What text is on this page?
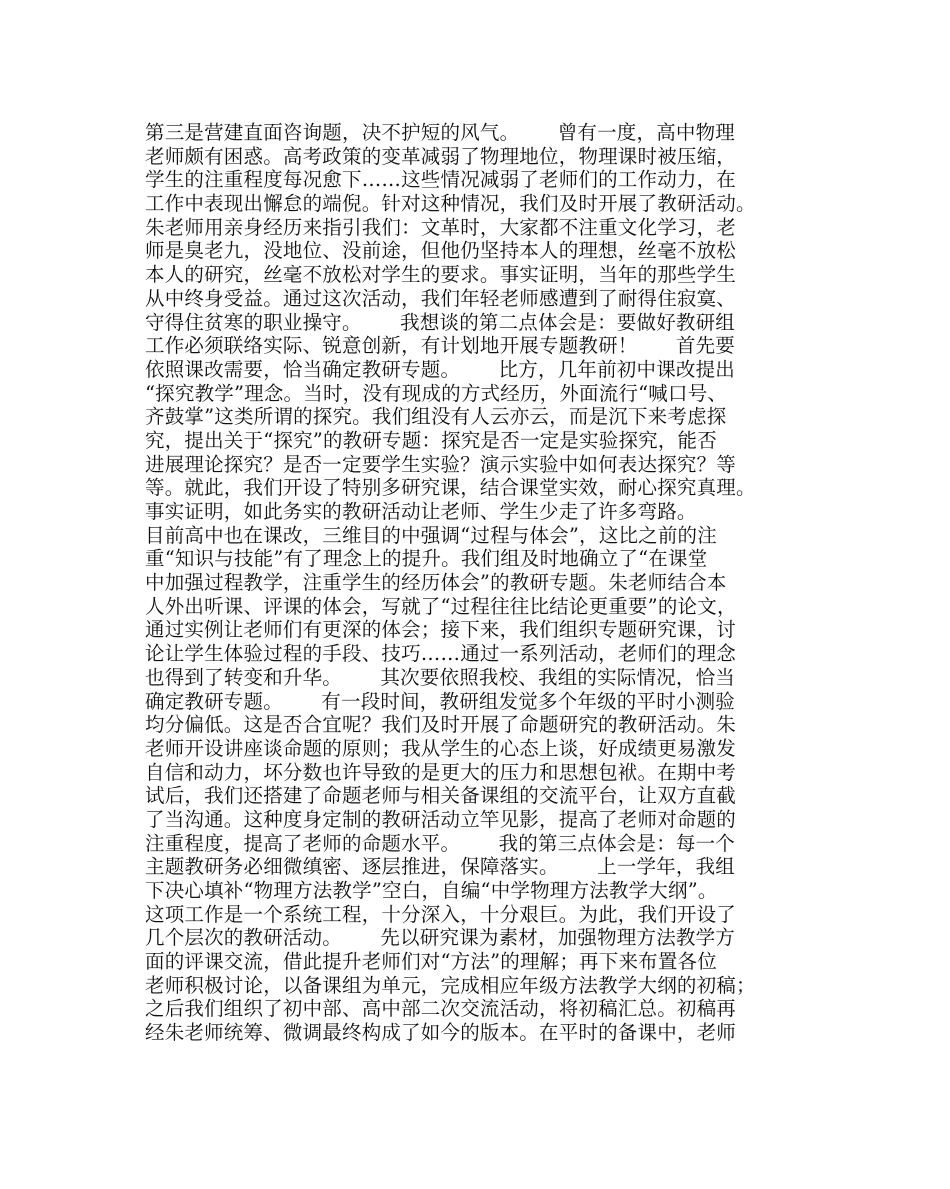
第三是营建直面咨询题，决不护短的风气。      曾有一度，高中物理
老师颇有困惑。高考政策的变革减弱了物理地位，物理课时被压缩，
学生的注重程度每况愈下……这些情况减弱了老师们的工作动力，在
工作中表现出懈怠的端倪。针对这种情况，我们及时开展了教研活动。
朱老师用亲身经历来指引我们：文革时，大家都不注重文化学习，老
师是臭老九，没地位、没前途，但他仍坚持本人的理想，丝毫不放松
本人的研究，丝毫不放松对学生的要求。事实证明，当年的那些学生
从中终身受益。通过这次活动，我们年轻老师感遭到了耐得住寂寞、
守得住贫寒的职业操守。      我想谈的第二点体会是：要做好教研组
工作必须联络实际、锐意创新，有计划地开展专题教研！      首先要
依照课改需要，恰当确定教研专题。      比方，几年前初中课改提出
“探究教学”理念。当时，没有现成的方式经历，外面流行“喊口号、
齐鼓掌”这类所谓的探究。我们组没有人云亦云，而是沉下来考虑探
究，提出关于“探究”的教研专题：探究是否一定是实验探究，能否
进展理论探究？是否一定要学生实验？演示实验中如何表达探究？等
等。就此，我们开设了特别多研究课，结合课堂实效，耐心探究真理。
事实证明，如此务实的教研活动让老师、学生少走了许多弯路。
目前高中也在课改，三维目的中强调“过程与体会”，这比之前的注
重“知识与技能”有了理念上的提升。我们组及时地确立了“在课堂
中加强过程教学，注重学生的经历体会”的教研专题。朱老师结合本
人外出听课、评课的体会，写就了“过程往往比结论更重要”的论文，
通过实例让老师们有更深的体会；接下来，我们组织专题研究课，讨
论让学生体验过程的手段、技巧……通过一系列活动，老师们的理念
也得到了转变和升华。      其次要依照我校、我组的实际情况，恰当
确定教研专题。      有一段时间，教研组发觉多个年级的平时小测验
均分偏低。这是否合宜呢？我们及时开展了命题研究的教研活动。朱
老师开设讲座谈命题的原则；我从学生的心态上谈，好成绩更易激发
自信和动力，坏分数也许导致的是更大的压力和思想包袱。在期中考
试后，我们还搭建了命题老师与相关备课组的交流平台，让双方直截
了当沟通。这种度身定制的教研活动立竿见影，提高了老师对命题的
注重程度，提高了老师的命题水平。      我的第三点体会是：每一个
主题教研务必细微缜密、逐层推进，保障落实。      上一学年，我组
下决心填补“物理方法教学”空白，自编“中学物理方法教学大纲”。
这项工作是一个系统工程，十分深入，十分艰巨。为此，我们开设了
几个层次的教研活动。      先以研究课为素材，加强物理方法教学方
面的评课交流，借此提升老师们对“方法”的理解；再下来布置各位
老师积极讨论，以备课组为单元，完成相应年级方法教学大纲的初稿；
之后我们组织了初中部、高中部二次交流活动，将初稿汇总。初稿再
经朱老师统筹、微调最终构成了如今的版本。在平时的备课中，老师
